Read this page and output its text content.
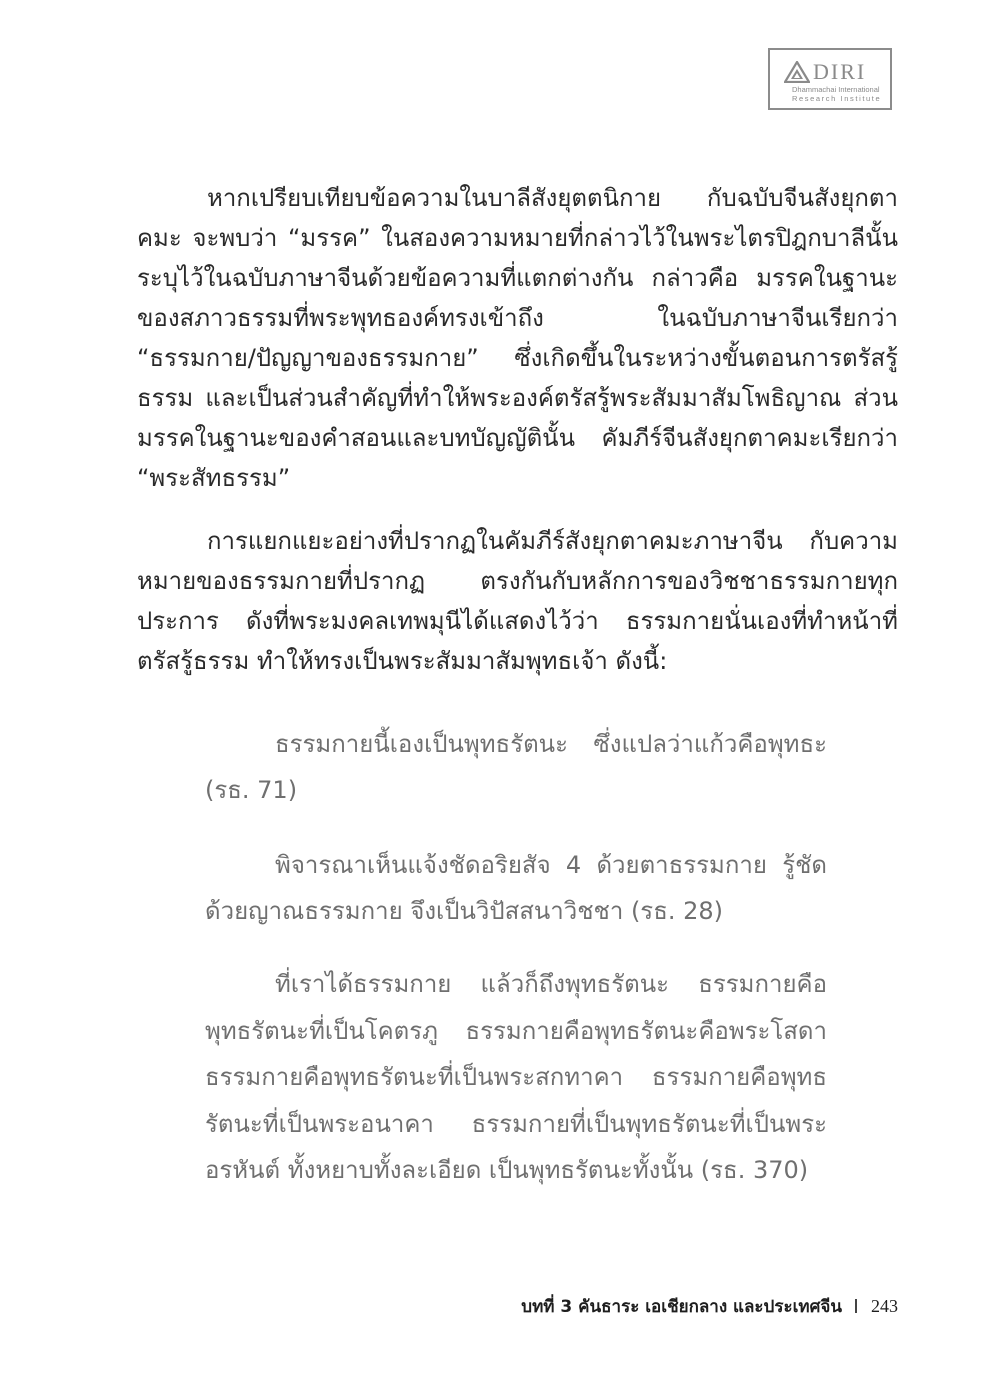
DIRI
Dhammachai International
Research Institute

หากเปรียบเทียบข้อความในบาลีสังยุตตนิกาย กับฉบับจีนสังยุกตาคมะ จะพบว่า “มรรค” ในสองความหมายที่กล่าวไว้ในพระไตรปิฎกบาลีนั้น ระบุไว้ในฉบับภาษาจีนด้วยข้อความที่แตกต่างกัน กล่าวคือ มรรคในฐานะของสภาวธรรมที่พระพุทธองค์ทรงเข้าถึง ในฉบับภาษาจีนเรียกว่า “ธรรมกาย/ปัญญาของธรรมกาย” ซึ่งเกิดขึ้นในระหว่างขั้นตอนการตรัสรู้ธรรม และเป็นส่วนสำคัญที่ทำให้พระองค์ตรัสรู้พระสัมมาสัมโพธิญาณ ส่วนมรรคในฐานะของคำสอนและบทบัญญัตินั้น คัมภีร์จีนสังยุกตาคมะเรียกว่า “พระสัทธรรม”

การแยกแยะอย่างที่ปรากฏในคัมภีร์สังยุกตาคมะภาษาจีน กับความหมายของธรรมกายที่ปรากฏ ตรงกันกับหลักการของวิชชาธรรมกายทุกประการ ดังที่พระมงคลเทพมุนีได้แสดงไว้ว่า ธรรมกายนั่นเองที่ทำหน้าที่ตรัสรู้ธรรม ทำให้ทรงเป็นพระสัมมาสัมพุทธเจ้า ดังนี้:

ธรรมกายนี้เองเป็นพุทธรัตนะ ซึ่งแปลว่าแก้วคือพุทธะ (รธ. 71)

พิจารณาเห็นแจ้งชัดอริยสัจ 4 ด้วยตาธรรมกาย รู้ชัดด้วยญาณธรรมกาย จึงเป็นวิปัสสนาวิชชา (รธ. 28)

ที่เราได้ธรรมกาย แล้วก็ถึงพุทธรัตนะ ธรรมกายคือพุทธรัตนะที่เป็นโคตรภู ธรรมกายคือพุทธรัตนะคือพระโสดา ธรรมกายคือพุทธรัตนะที่เป็นพระสกทาคา ธรรมกายคือพุทธรัตนะที่เป็นพระอนาคา ธรรมกายที่เป็นพุทธรัตนะที่เป็นพระอรหันต์ ทั้งหยาบทั้งละเอียด เป็นพุทธรัตนะทั้งนั้น (รธ. 370)

บทที่ 3 คันธาระ เอเชียกลาง และประเทศจีน 243
